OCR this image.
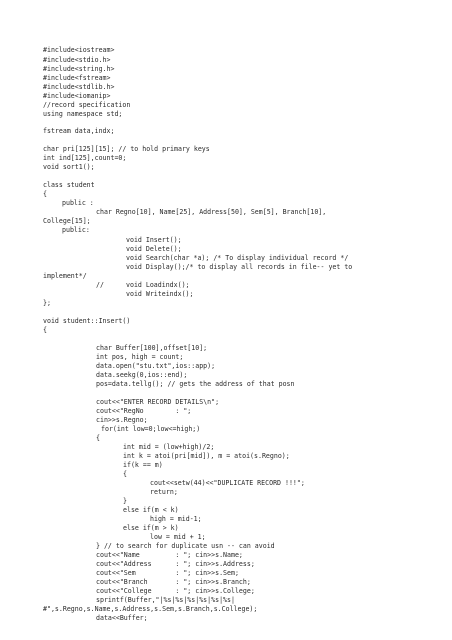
#include<iostream>
#include<stdio.h>
#include<string.h>
#include<fstream>
#include<stdlib.h>
#include<iomanip>
//record specification
using namespace std;
fstream data,indx;
char pri[125][15]; // to hold primary keys
int ind[125],count=0;
void sort1();
class student
{
public :
char Regno[10], Name[25], Address[50], Sem[5], Branch[10],
College[15];
public:
void Insert();
void Delete();
void Search(char *a); /* To display individual record */
void Display();/* to display all records in file-- yet to
implement*/
//	void Loadindx();
void Writeindx();
};
void student::Insert()
{
char Buffer[100],offset[10];
int pos, high = count;
data.open("stu.txt",ios::app);
data.seekg(0,ios::end);
pos=data.tellg(); // gets the address of that posn
cout<<"ENTER RECORD DETAILS\n";
cout<<"RegNo        : ";
cin>>s.Regno;
for(int low=0;low<=high;)
{
int mid = (low+high)/2;
int k = atoi(pri[mid]), m = atoi(s.Regno);
if(k == m)
{
cout<<setw(44)<<"DUPLICATE RECORD !!!";
return;
}
else if(m < k)
high = mid-1;
else if(m > k)
low = mid + 1;
} // to search for duplicate usn -- can avoid
cout<<"Name         : "; cin>>s.Name;
cout<<"Address      : "; cin>>s.Address;
cout<<"Sem          : "; cin>>s.Sem;
cout<<"Branch       : "; cin>>s.Branch;
cout<<"College      : "; cin>>s.College;
sprintf(Buffer,"|%s|%s|%s|%s|%s|%s|
#",s.Regno,s.Name,s.Address,s.Sem,s.Branch,s.College);
data<<Buffer;
